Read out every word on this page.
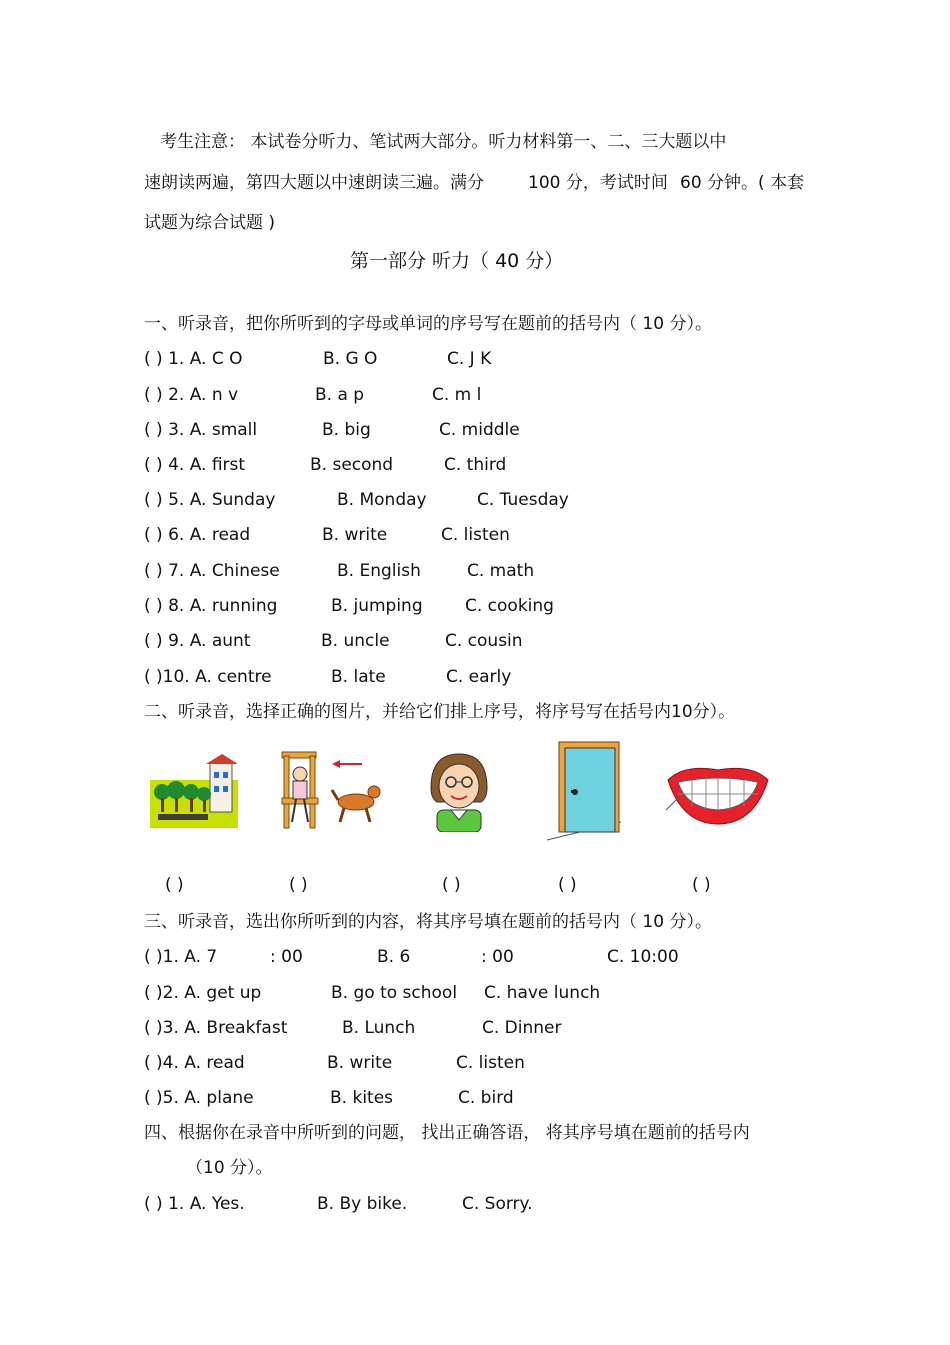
考生注意： 本试卷分听力、笔试两大部分。听力材料第一、二、三大题以中
速朗读两遍，第四大题以中速朗读三遍。满分	100 分，考试时间 60 分钟。( 本套
试题为综合试题 )
第一部分 听力（ 40 分）
一、听录音，把你所听到的字母或单词的序号写在题前的括号内（ 10 分）。
( ) 1. A. C O	B. G O	C. J K
( ) 2. A. n v	B. a p	C. m l
( ) 3. A. small	B. big	C. middle
( ) 4. A. first	B. second	C. third
( ) 5. A. Sunday	B. Monday	C. Tuesday
( ) 6. A. read	B. write	C. listen
( ) 7. A. Chinese	B. English	C. math
( ) 8. A. running	B. jumping C. cooking
( ) 9. A. aunt	B. uncle	C. cousin
( )10. A. centre	B. late	C. early
二、听录音，选择正确的图片，并给它们排上序号，将序号写在括号内10分）。
( )	( )	( )	( )	( )
三、听录音，选出你所听到的内容，将其序号填在题前的括号内（ 10 分）。
( )1. A. 7	: 00	B. 6	: 00	C. 10:00
( )2. A. get up	B. go to school C. have lunch
( )3. A. Breakfast	B. Lunch	C. Dinner
( )4. A. read	B. write	C. listen
( )5. A. plane	B. kites	C. bird
四、根据你在录音中所听到的问题， 找出正确答语， 将其序号填在题前的括号内
（10 分）。
( ) 1. A. Yes.	B. By bike.	C. Sorry.
